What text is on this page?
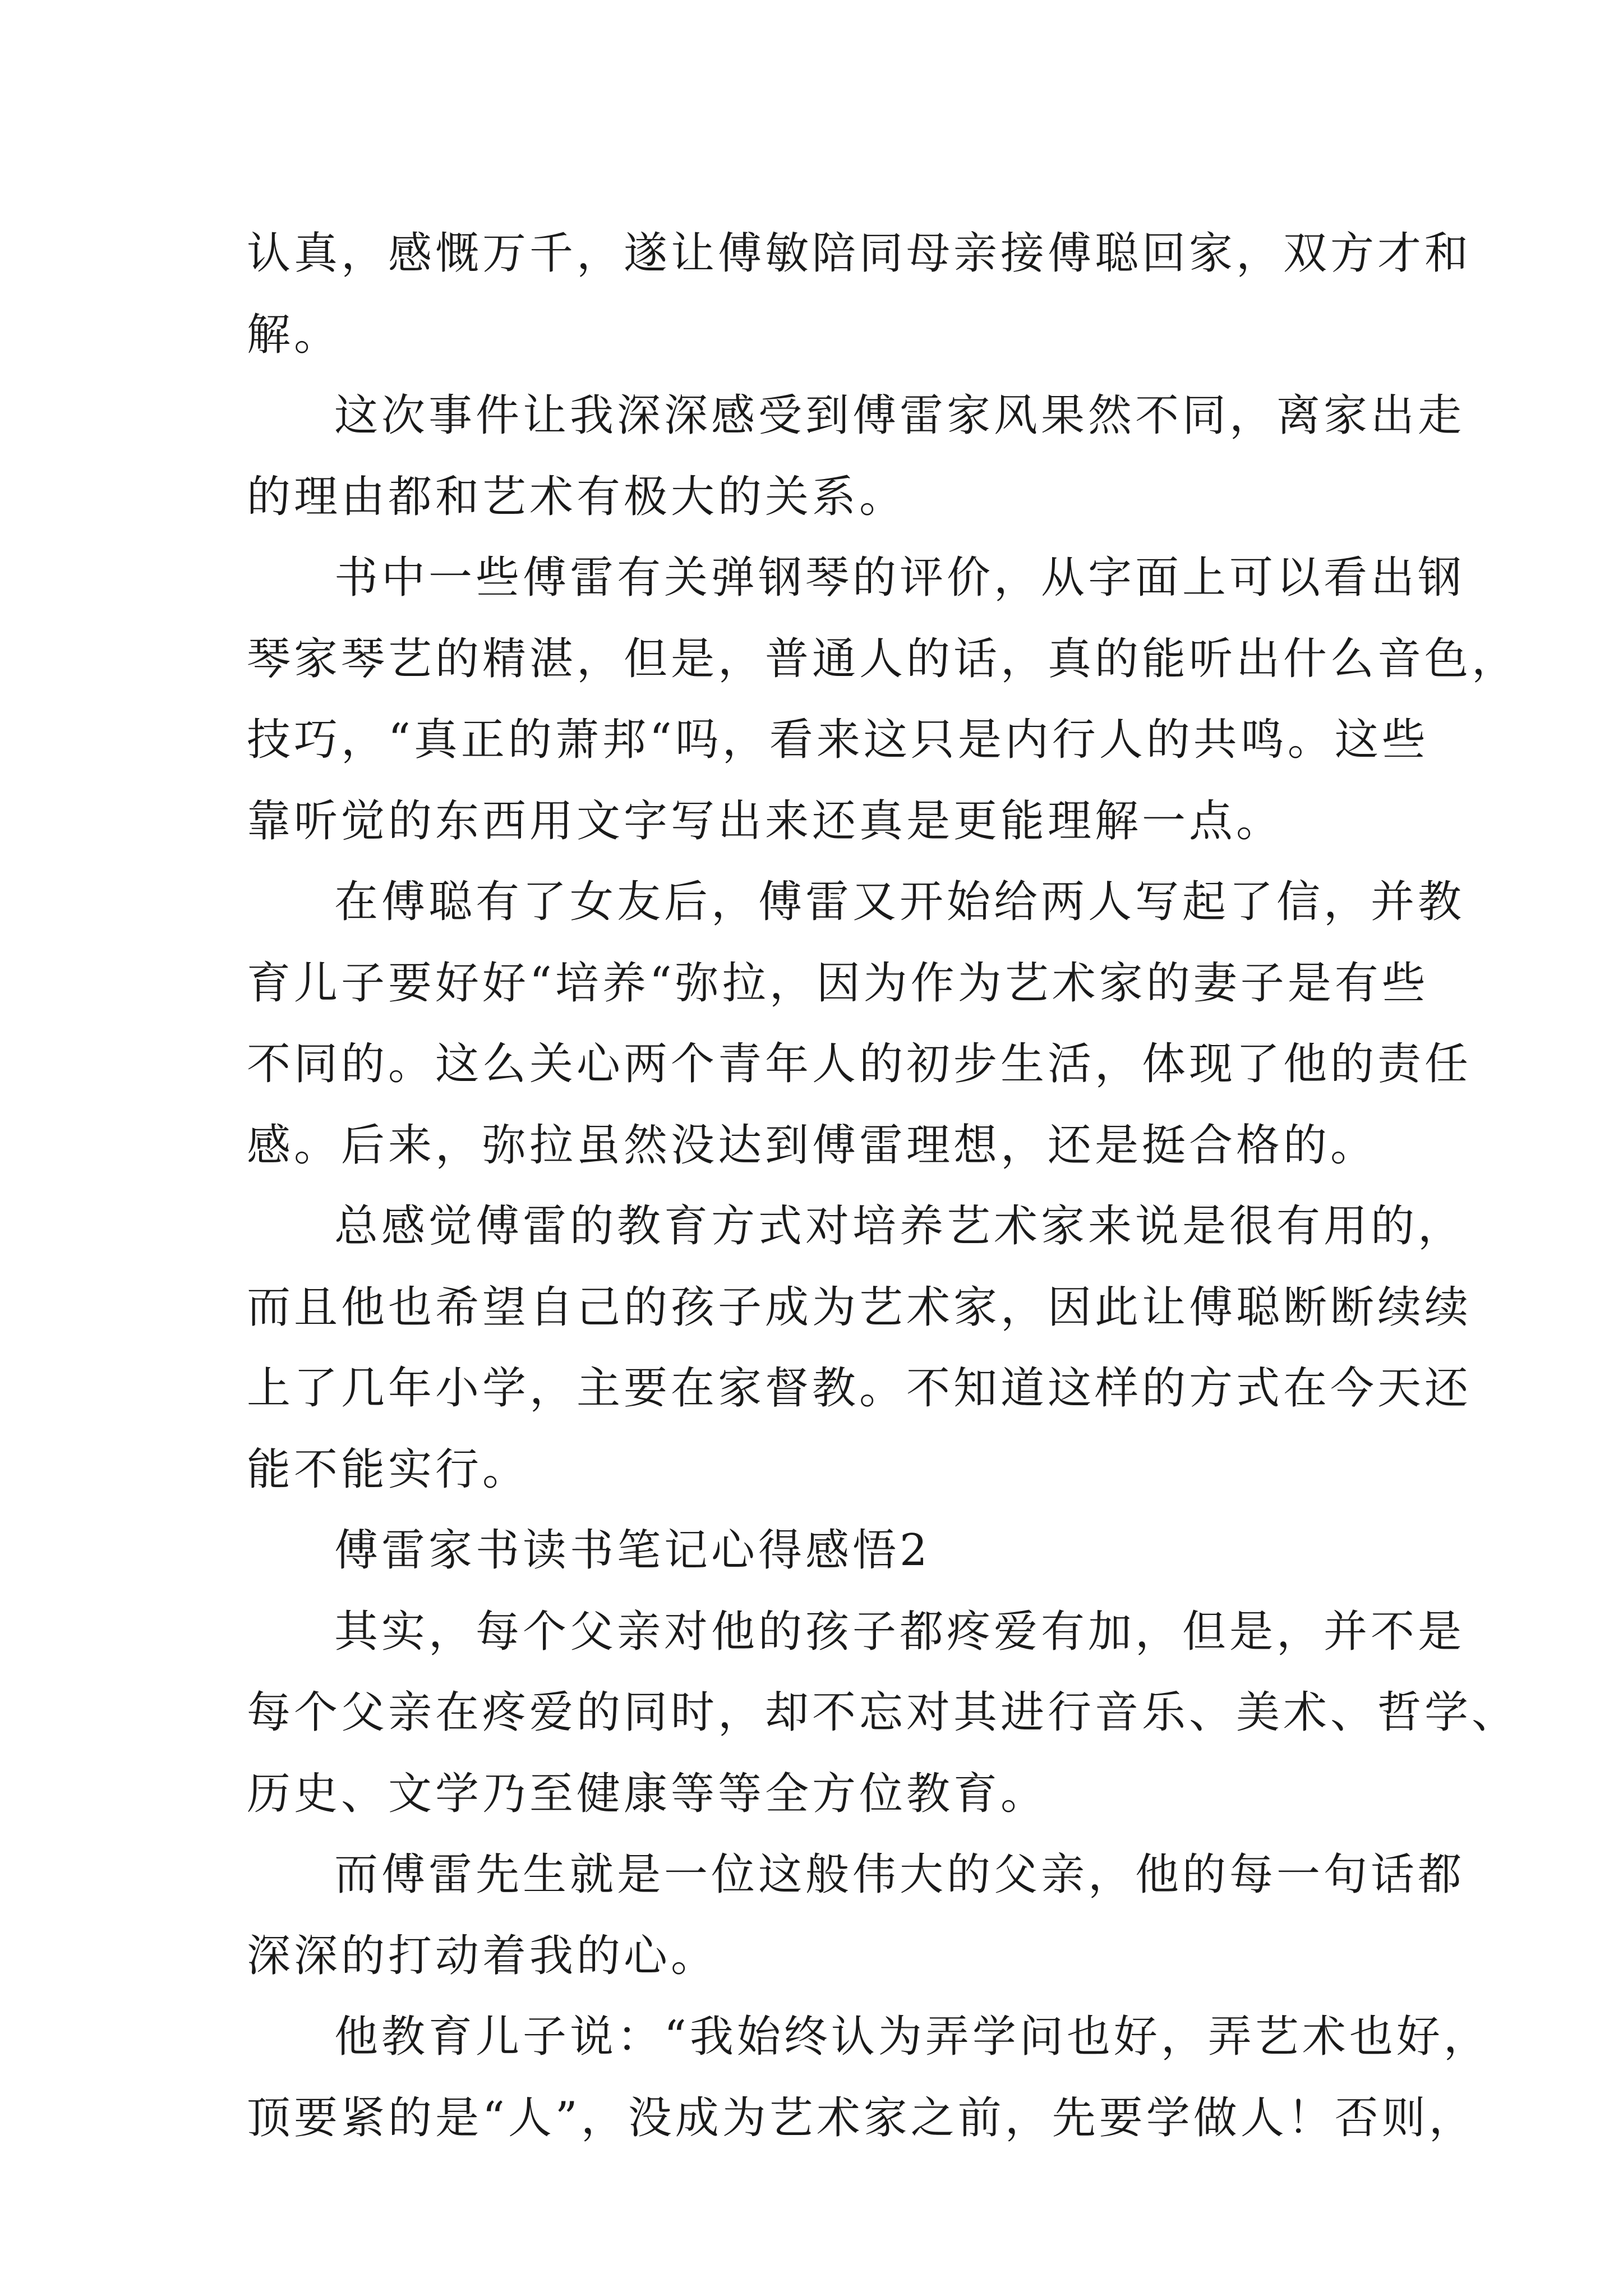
认真，感慨万千，遂让傅敏陪同母亲接傅聪回家，双方才和
解。
这次事件让我深深感受到傅雷家风果然不同，离家出走
的理由都和艺术有极大的关系。
书中一些傅雷有关弹钢琴的评价，从字面上可以看出钢
琴家琴艺的精湛，但是，普通人的话，真的能听出什么音色，
技巧，“真正的萧邦“吗，看来这只是内行人的共鸣。这些
靠听觉的东西用文字写出来还真是更能理解一点。
在傅聪有了女友后，傅雷又开始给两人写起了信，并教
育儿子要好好“培养“弥拉，因为作为艺术家的妻子是有些
不同的。这么关心两个青年人的初步生活，体现了他的责任
感。后来，弥拉虽然没达到傅雷理想，还是挺合格的。
总感觉傅雷的教育方式对培养艺术家来说是很有用的，
而且他也希望自己的孩子成为艺术家，因此让傅聪断断续续
上了几年小学，主要在家督教。不知道这样的方式在今天还
能不能实行。
傅雷家书读书笔记心得感悟2
其实，每个父亲对他的孩子都疼爱有加，但是，并不是
每个父亲在疼爱的同时，却不忘对其进行音乐、美术、哲学、
历史、文学乃至健康等等全方位教育。
而傅雷先生就是一位这般伟大的父亲，他的每一句话都
深深的打动着我的心。
他教育儿子说：“我始终认为弄学问也好，弄艺术也好，
顶要紧的是“人”，没成为艺术家之前，先要学做人！否则，
